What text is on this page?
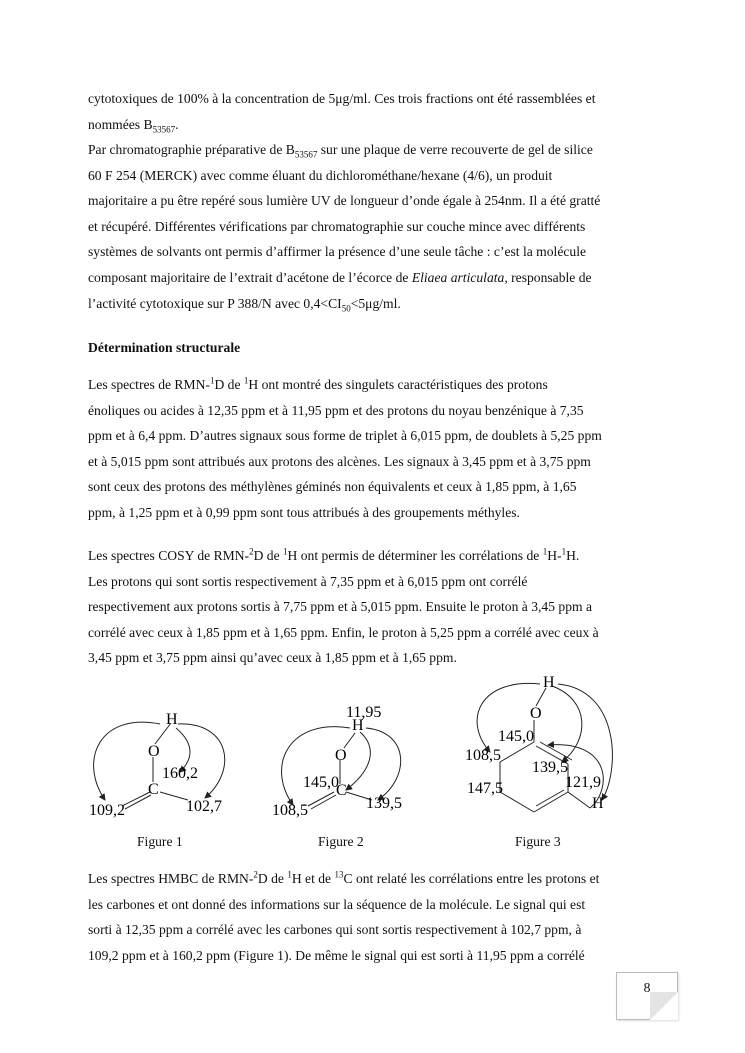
cytotoxiques de 100% à la concentration de 5μg/ml. Ces trois fractions ont été rassemblées et
nommées $B_{53567}$.
Par chromatographie préparative de $B_{53567}$ sur une plaque de verre recouverte de gel de silice
60 F 254 (MERCK) avec comme éluant du dichlorométhane/hexane (4/6), un produit
majoritaire a pu être repéré sous lumière UV de longueur d’onde égale à 254nm. Il a été gratté
et récupéré. Différentes vérifications par chromatographie sur couche mince avec différents
systèmes de solvants ont permis d’affirmer la présence d’une seule tâche : c’est la molécule
composant majoritaire de l’extrait d’acétone de l’écorce de Eliaea articulata, responsable de
l’activité cytotoxique sur P 388/N avec $0,4<CI_{50}<5\mu g/ml$.
Détermination structurale
Les spectres de RMN-$^1$D de $^1$H ont montré des singulets caractéristiques des protons
énoliques ou acides à 12,35 ppm et à 11,95 ppm et des protons du noyau benzénique à 7,35
ppm et à 6,4 ppm. D’autres signaux sous forme de triplet à 6,015 ppm, de doublets à 5,25 ppm
et à 5,015 ppm sont attribués aux protons des alcènes. Les signaux à 3,45 ppm et à 3,75 ppm
sont ceux des protons des méthylènes géminés non équivalents et ceux à 1,85 ppm, à 1,65
ppm, à 1,25 ppm et à 0,99 ppm sont tous attribués à des groupements méthyles.
Les spectres COSY de RMN-$^2$D de $^1$H ont permis de déterminer les corrélations de $^1$H-$^1$H.
Les protons qui sont sortis respectivement à 7,35 ppm et à 6,015 ppm ont corrélé
respectivement aux protons sortis à 7,75 ppm et à 5,015 ppm. Ensuite le proton à 3,45 ppm a
corrélé avec ceux à 1,85 ppm et à 1,65 ppm. Enfin, le proton à 5,25 ppm a corrélé avec ceux à
3,45 ppm et 3,75 ppm ainsi qu’avec ceux à 1,85 ppm et à 1,65 ppm.
H
O
C
160,2
109,2	102,7
11,95
H
O
C
145,0
108,5	139,5
H
O
H
145,0
108,5
139,5
121,9
147,5
Figure 1	Figure 2	Figure 3
Les spectres HMBC de RMN-$^2$D de $^1$H et de $^{13}$C ont relaté les corrélations entre les protons et
les carbones et ont donné des informations sur la séquence de la molécule. Le signal qui est
sorti à 12,35 ppm a corrélé avec les carbones qui sont sortis respectivement à 102,7 ppm, à
109,2 ppm et à 160,2 ppm (Figure 1). De même le signal qui est sorti à 11,95 ppm a corrélé
8
